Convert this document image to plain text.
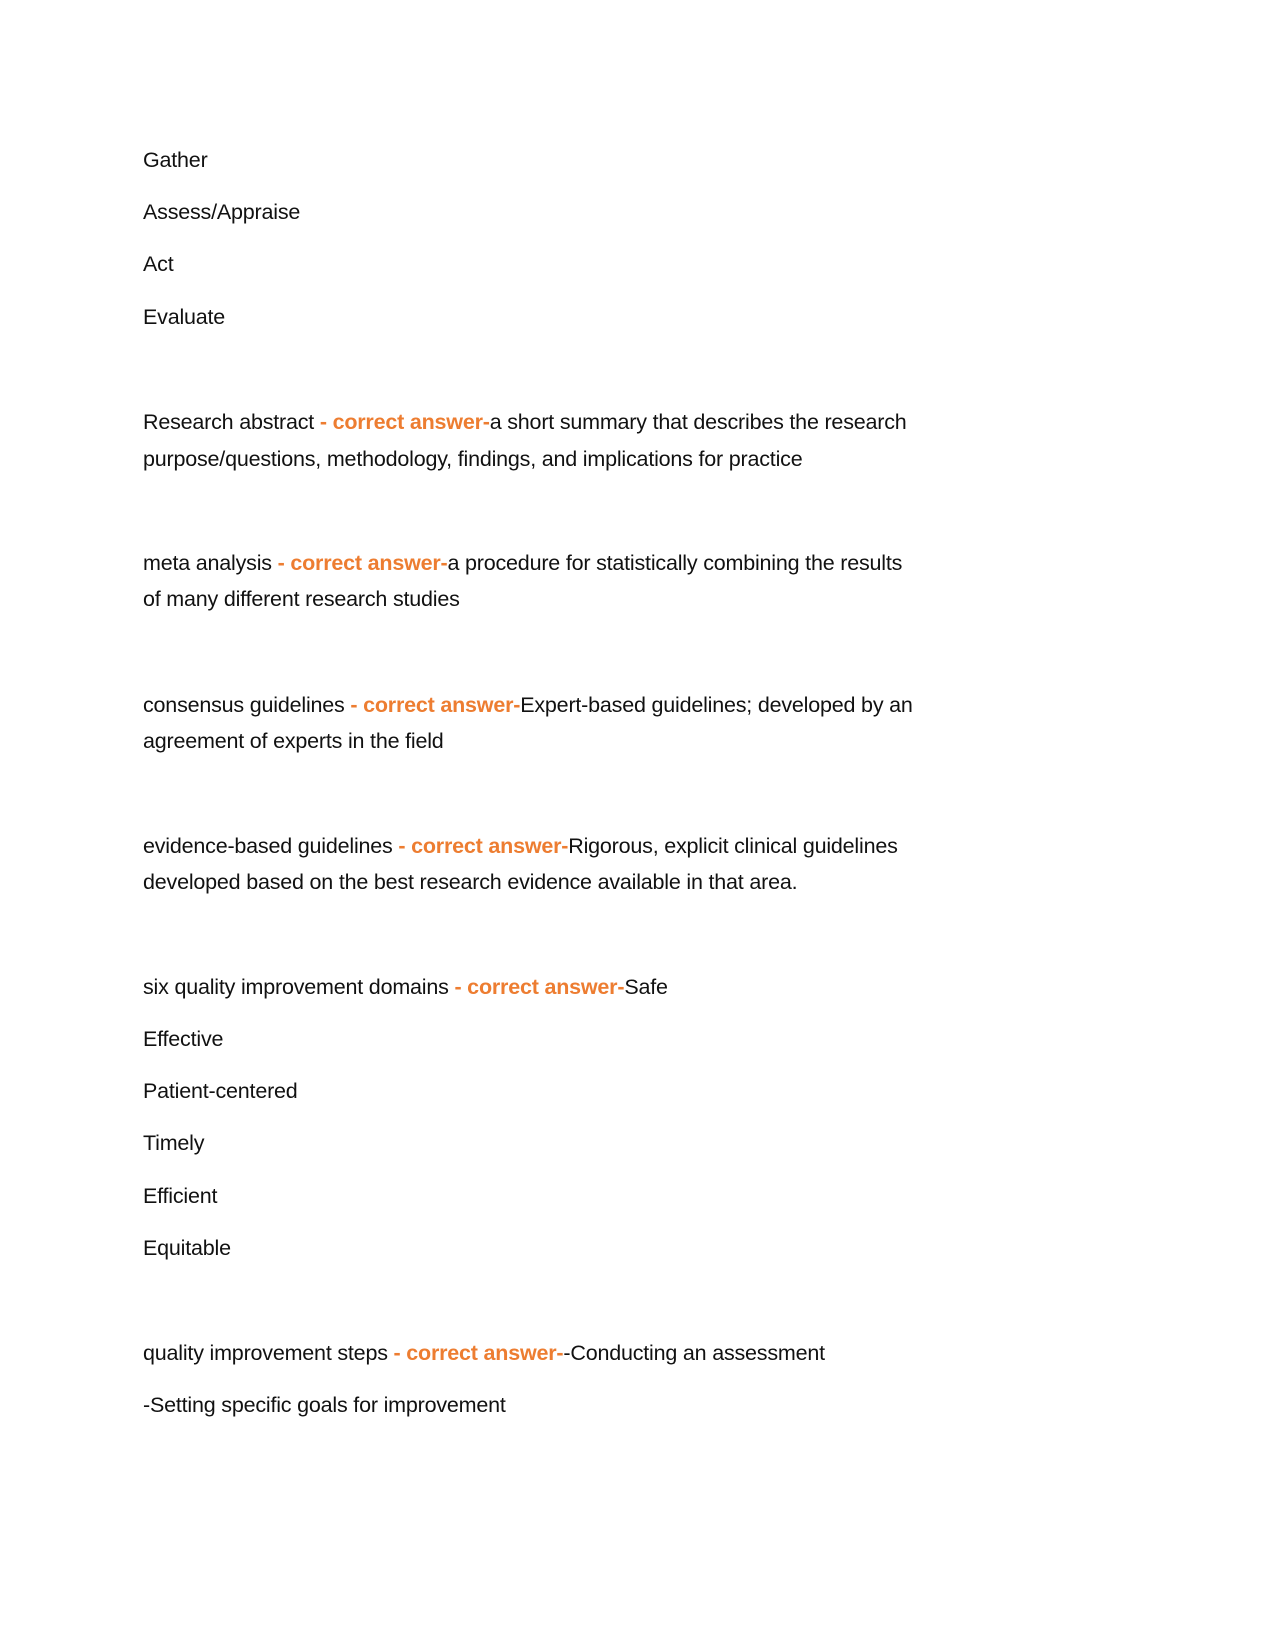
Gather
Assess/Appraise
Act
Evaluate
Research abstract - correct answer-a short summary that describes the research
purpose/questions, methodology, findings, and implications for practice
meta analysis - correct answer-a procedure for statistically combining the results
of many different research studies
consensus guidelines - correct answer-Expert-based guidelines; developed by an
agreement of experts in the field
evidence-based guidelines - correct answer-Rigorous, explicit clinical guidelines
developed based on the best research evidence available in that area.
six quality improvement domains - correct answer-Safe
Effective
Patient-centered
Timely
Efficient
Equitable
quality improvement steps - correct answer--Conducting an assessment
-Setting specific goals for improvement
